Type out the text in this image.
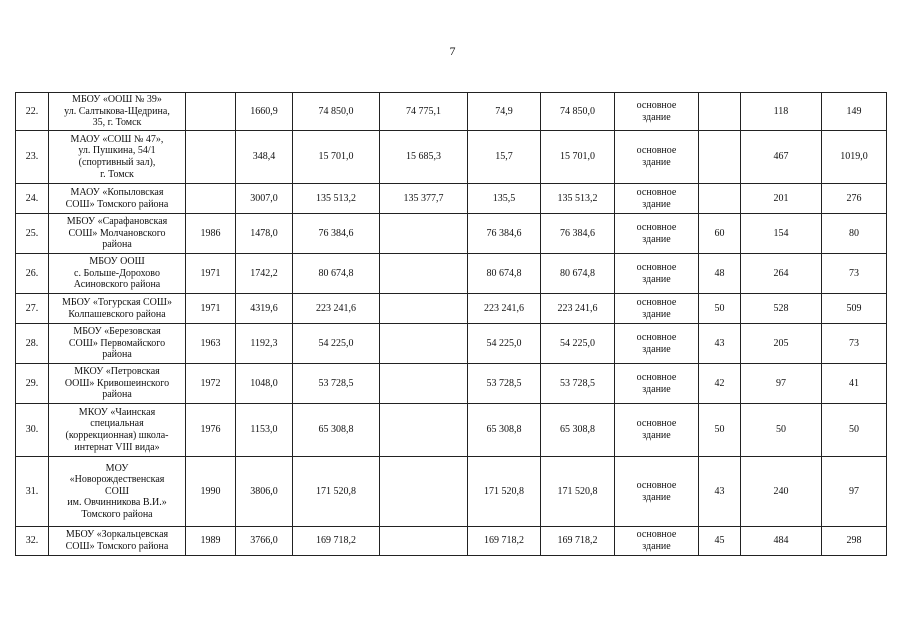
7
22.	МБОУ «ООШ № 39»
ул. Салтыкова-Щедрина,
35, г. Томск		1660,9	74 850,0	74 775,1	74,9	74 850,0	основное
здание		118	149
23.	МАОУ «СОШ № 47»,
ул. Пушкина, 54/1
(спортивный зал),
г. Томск		348,4	15 701,0	15 685,3	15,7	15 701,0	основное
здание		467	1019,0
24.	МАОУ «Копыловская
СОШ» Томского района		3007,0	135 513,2	135 377,7	135,5	135 513,2	основное
здание		201	276
25.	МБОУ «Сарафановская
СОШ» Молчановского
района	1986	1478,0	76 384,6		76 384,6	76 384,6	основное
здание	60	154	80
26.	МБОУ ООШ
с. Больше-Дорохово
Асиновского района	1971	1742,2	80 674,8		80 674,8	80 674,8	основное
здание	48	264	73
27.	МБОУ «Тогурская СОШ»
Колпашевского района	1971	4319,6	223 241,6		223 241,6	223 241,6	основное
здание	50	528	509
28.	МБОУ «Березовская
СОШ» Первомайского
района	1963	1192,3	54 225,0		54 225,0	54 225,0	основное
здание	43	205	73
29.	МКОУ «Петровская
ООШ» Кривошеинского
района	1972	1048,0	53 728,5		53 728,5	53 728,5	основное
здание	42	97	41
30.	МКОУ «Чаинская
специальная
(коррекционная) школа-
интернат VIII вида»	1976	1153,0	65 308,8		65 308,8	65 308,8	основное
здание	50	50	50
31.	МОУ
«Новорождественская
СОШ
им. Овчинникова В.И.»
Томского района	1990	3806,0	171 520,8		171 520,8	171 520,8	основное
здание	43	240	97
32.	МБОУ «Зоркальцевская
СОШ» Томского района	1989	3766,0	169 718,2		169 718,2	169 718,2	основное
здание	45	484	298
